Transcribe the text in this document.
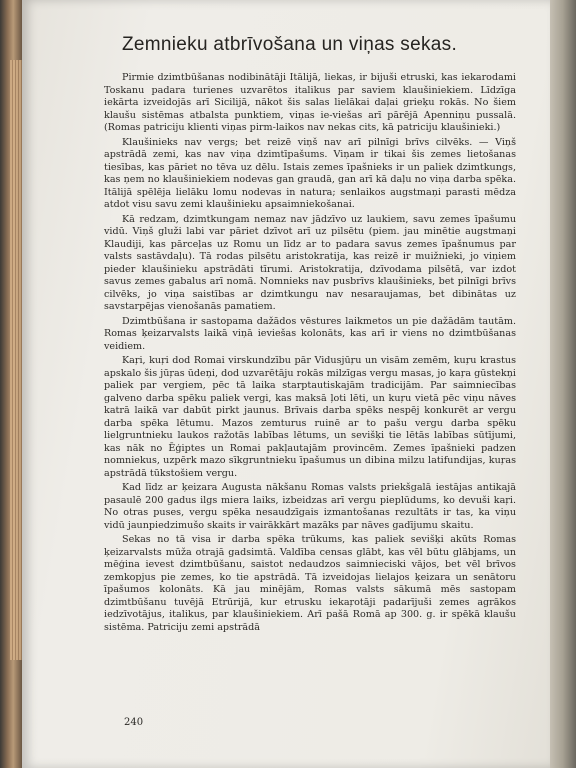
Zemnieku atbrīvošana un viņas sekas.

Pirmie dzimtbūšanas nodibinātāji Itālijā, liekas, ir bijuši etruski, kas iekarodami Toskanu padara turienes uzvarētos italikus par saviem klaušiniekiem. Līdzīga iekārta izveidojās arī Sicilijā, nākot šis salas lielākai daļai grieķu rokās. No šiem klaušu sistēmas atbalsta punktiem, viņas ie-viešas arī pārējā Apenniņu pussalā. (Romas patriciju klienti viņas pirm-laikos nav nekas cits, kā patriciju klaušinieki.)

Klaušinieks nav vergs; bet reizē viņš nav arī pilnīgi brīvs cilvēks. — Viņš apstrādā zemi, kas nav viņa dzimtīpašums. Viņam ir tikai šis zemes lietošanas tiesības, kas pāriet no tēva uz dēlu. Istais zemes īpašnieks ir un paliek dzimtkungs, kas ņem no klaušiniekiem nodevas gan graudā, gan arī kā daļu no viņa darba spēka. Itālijā spēlēja lielāku lomu nodevas in natura; senlaikos augstmaņi parasti mēdza atdot visu savu zemi klaušinieku apsaimniekošanai.

Kā redzam, dzimtkungam nemaz nav jādzīvo uz laukiem, savu zemes īpašumu vidū. Viņš gluži labi var pāriet dzīvot arī uz pilsētu (piem. jau minētie augstmaņi Klaudiji, kas pārceļas uz Romu un līdz ar to padara savus zemes īpašnumus par valsts sastāvdaļu). Tā rodas pilsētu aristokratija, kas reizē ir muižnieki, jo viņiem pieder klaušinieku apstrādāti tīrumi. Aristokratija, dzīvodama pilsētā, var izdot savus zemes gabalus arī nomā. Nomnieks nav pusbrīvs klaušinieks, bet pilnīgi brīvs cilvēks, jo viņa saistības ar dzimtkungu nav nesaraujamas, bet dibinātas uz savstarpējas vienošanās pamatiem.

Dzimtbūšana ir sastopama dažādos vēstures laikmetos un pie dažādām tautām. Romas ķeizarvalsts laikā viņā ieviešas kolonāts, kas arī ir viens no dzimtbūšanas veidiem.

Kaŗi, kuŗi dod Romai virskundzību pār Vidusjūŗu un visām zemēm, kuŗu krastus apskalo šis jūŗas ūdeņi, dod uzvarētāju rokās milzīgas vergu masas, jo kaŗa gūstekņi paliek par vergiem, pēc tā laika starptautiskajām tradicijām. Par saimniecības galveno darba spēku paliek vergi, kas maksā ļoti lēti, un kuŗu vietā pēc viņu nāves katrā laikā var dabūt pirkt jaunus. Brīvais darba spēks nespēj konkurēt ar vergu darba spēka lētumu. Mazos zemturus ruinē ar to pašu vergu darba spēku lielgruntnieku laukos ražotās labības lētums, un sevišķi tie lētās labības sūtījumi, kas nāk no Ēģiptes un Romai pakļautajām provincēm. Zemes īpašnieki padzen nomniekus, uzpērk mazo sīkgruntnieku īpašumus un dibina milzu latifundijas, kuŗas apstrādā tūkstošiem vergu.

Kad līdz ar ķeizara Augusta nākšanu Romas valsts priekšgalā iestājas antikajā pasaulē 200 gadus ilgs miera laiks, izbeidzas arī vergu pieplūdums, ko devuši kaŗi. No otras puses, vergu spēka nesaudzīgais izmantošanas rezultāts ir tas, ka viņu vidū jaunpiedzimušo skaits ir vairākkārt mazāks par nāves gadījumu skaitu.

Sekas no tā visa ir darba spēka trūkums, kas paliek sevišķi akūts Romas ķeizarvalsts mūža otrajā gadsimtā. Valdība censas glābt, kas vēl būtu glābjams, un mēģina ievest dzimtbūšanu, saistot nedaudzos saimnieciski vājos, bet vēl brīvos zemkopjus pie zemes, ko tie apstrādā. Tā izveidojas lielajos ķeizara un senātoru īpašumos kolonāts. Kā jau minējām, Romas valsts sākumā mēs sastopam dzimtbūšanu tuvējā Etrūrijā, kur etrusku iekaŗotāji padarījuši zemes agrākos iedzīvotājus, italikus, par klaušiniekiem. Arī pašā Romā ap 300. g. ir spēkā klaušu sistēma. Patriciju zemi apstrādā

240
